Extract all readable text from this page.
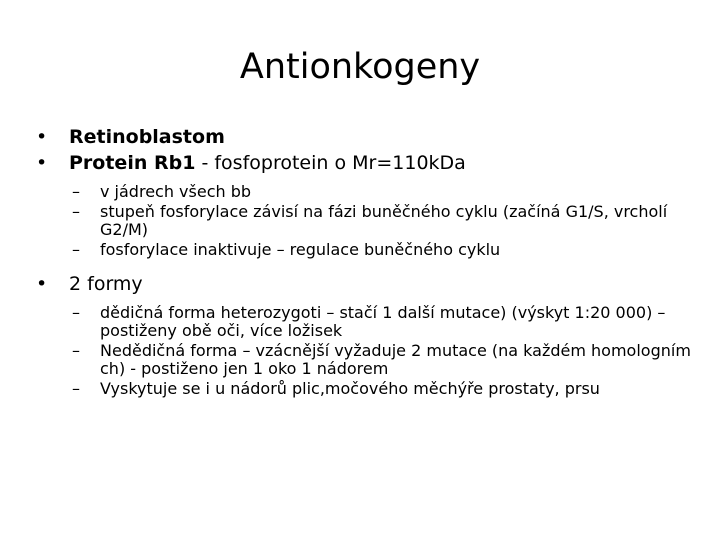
Antionkogeny
•	Retinoblastom
•	Protein Rb1 - fosfoprotein o Mr=110kDa
–	v jádrech všech bb
–	stupeň fosforylace závisí na fázi buněčného cyklu (začíná G1/S, vrcholí G2/M)
–	fosforylace inaktivuje – regulace buněčného cyklu
•	2 formy
–	dědičná forma heterozygoti – stačí 1 další mutace) (výskyt 1:20 000) – postiženy obě oči, více ložisek
–	Nedědičná forma – vzácnější vyžaduje 2 mutace (na každém homologním ch) - postiženo jen 1 oko 1 nádorem
–	Vyskytuje se i u nádorů plic,močového měchýře prostaty, prsu
